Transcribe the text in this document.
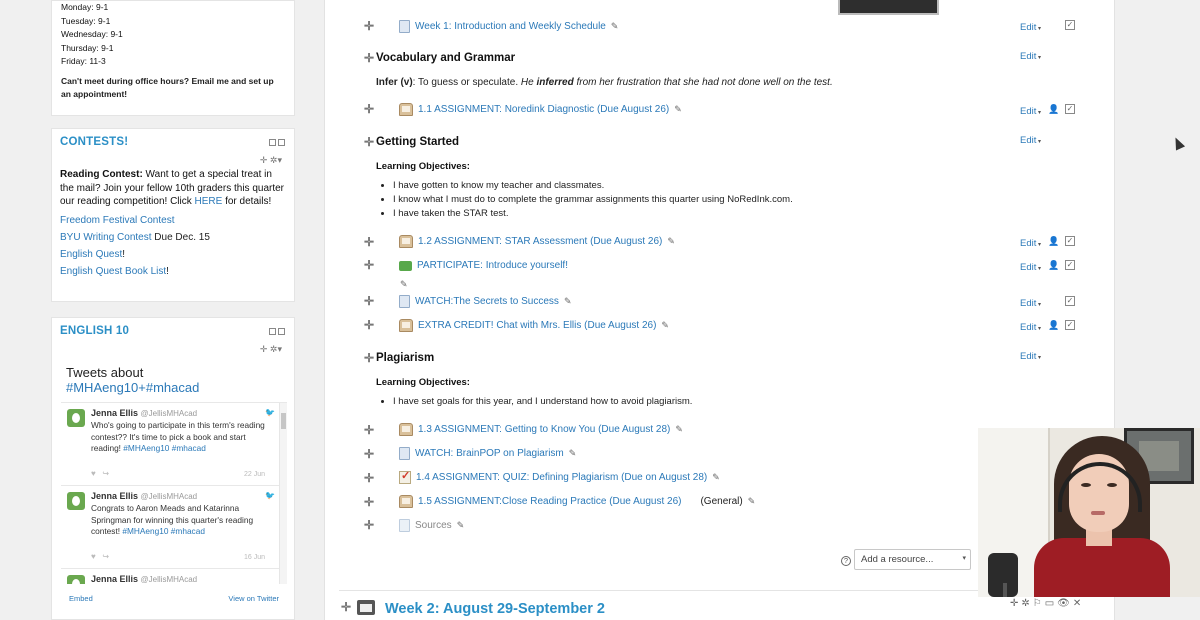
Monday: 9-1
Tuesday: 9-1
Wednesday: 9-1
Thursday: 9-1
Friday: 11-3
Can't meet during office hours? Email me and set up an appointment!
CONTESTS!
✛ ✲▾

Reading Contest: Want to get a special treat in the mail? Join your fellow 10th graders this quarter our reading competition! Click HERE for details!

Freedom Festival Contest
BYU Writing Contest Due Dec. 15
English Quest!
English Quest Book List!
ENGLISH 10
✛ ✲▾
Tweets about
#MHAeng10+#mhacad
Jenna Ellis @JellisMHAcad
Who's going to participate in this term's reading contest?? It's time to pick a book and start reading! #MHAeng10 #mhacad
🐦
♥ ↪	22 Jun
Jenna Ellis @JellisMHAcad
Congrats to Aaron Meads and Katarinna Springman for winning this quarter's reading contest! #MHAeng10 #mhacad
🐦
♥ ↪	16 Jun
Jenna Ellis @JellisMHAcad
Embed	View on Twitter
✛	Week 1: Introduction and Weekly Schedule ✎	Edit ▾	✓
✛ Vocabulary and Grammar	Edit ▾
Infer (v): To guess or speculate. He inferred from her frustration that she had not done well on the test.
✛	1.1 ASSIGNMENT: Noredink Diagnostic (Due August 26) ✎	Edit ▾	👤 ✓
✛ Getting Started	Edit ▾
Learning Objectives:
• I have gotten to know my teacher and classmates.
• I know what I must do to complete the grammar assignments this quarter using NoRedInk.com.
• I have taken the STAR test.
✛	1.2 ASSIGNMENT: STAR Assessment (Due August 26) ✎	Edit ▾	👤 ✓
✛	PARTICIPATE: Introduce yourself!
✎
Edit ▾	👤 ✓
✛	WATCH:The Secrets to Success ✎	Edit ▾	✓
✛	EXTRA CREDIT! Chat with Mrs. Ellis (Due August 26) ✎	Edit ▾	👤 ✓
✛ Plagiarism	Edit ▾
Learning Objectives:
• I have set goals for this year, and I understand how to avoid plagiarism.
✛	1.3 ASSIGNMENT: Getting to Know You (Due August 28) ✎
✛	WATCH: BrainPOP on Plagiarism ✎
✛
✓	1.4 ASSIGNMENT: QUIZ: Defining Plagiarism (Due on August 28) ✎
✛	1.5 ASSIGNMENT:Close Reading Practice (Due August 26) (General) ✎
✛	Sources ✎
?	Add a resource... ▾
✛ Week 2: August 29-September 2	✛✲⚐▭👁✕
